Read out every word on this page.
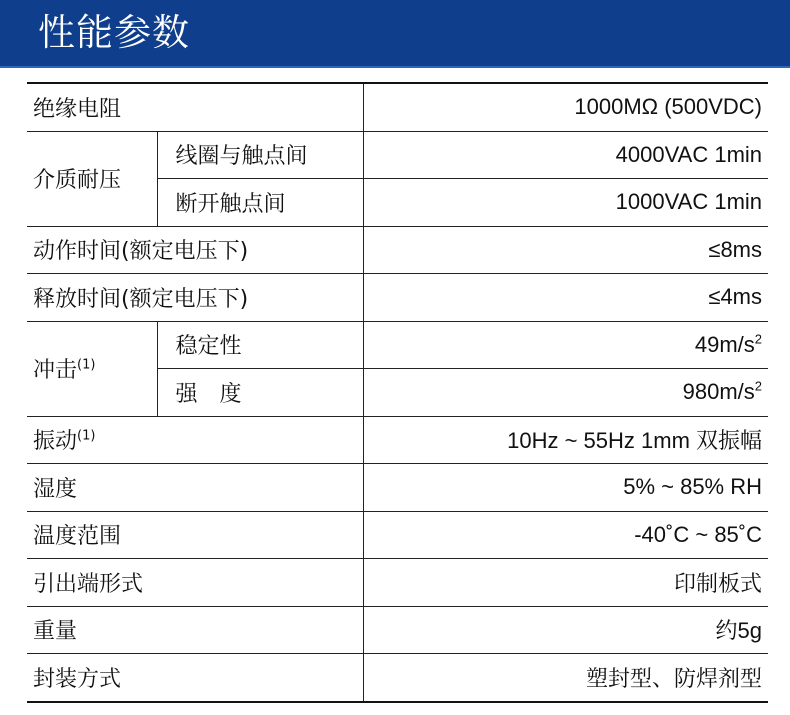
性能参数
绝缘电阻		1000MΩ (500VDC)
介质耐压	线圈与触点间	4000VAC 1min
	断开触点间	1000VAC 1min
动作时间(额定电压下)		≤8ms
释放时间(额定电压下)		≤4ms
冲击$^{(1)}$	稳定性	$49m/s^2$
	强　度	$980m/s^2$
振动$^{(1)}$		10Hz ~ 55Hz 1mm 双振幅
湿度		5% ~ 85% RH
温度范围		-40˚C ~ 85˚C
引出端形式		印制板式
重量		约5g
封装方式		塑封型、防焊剂型
